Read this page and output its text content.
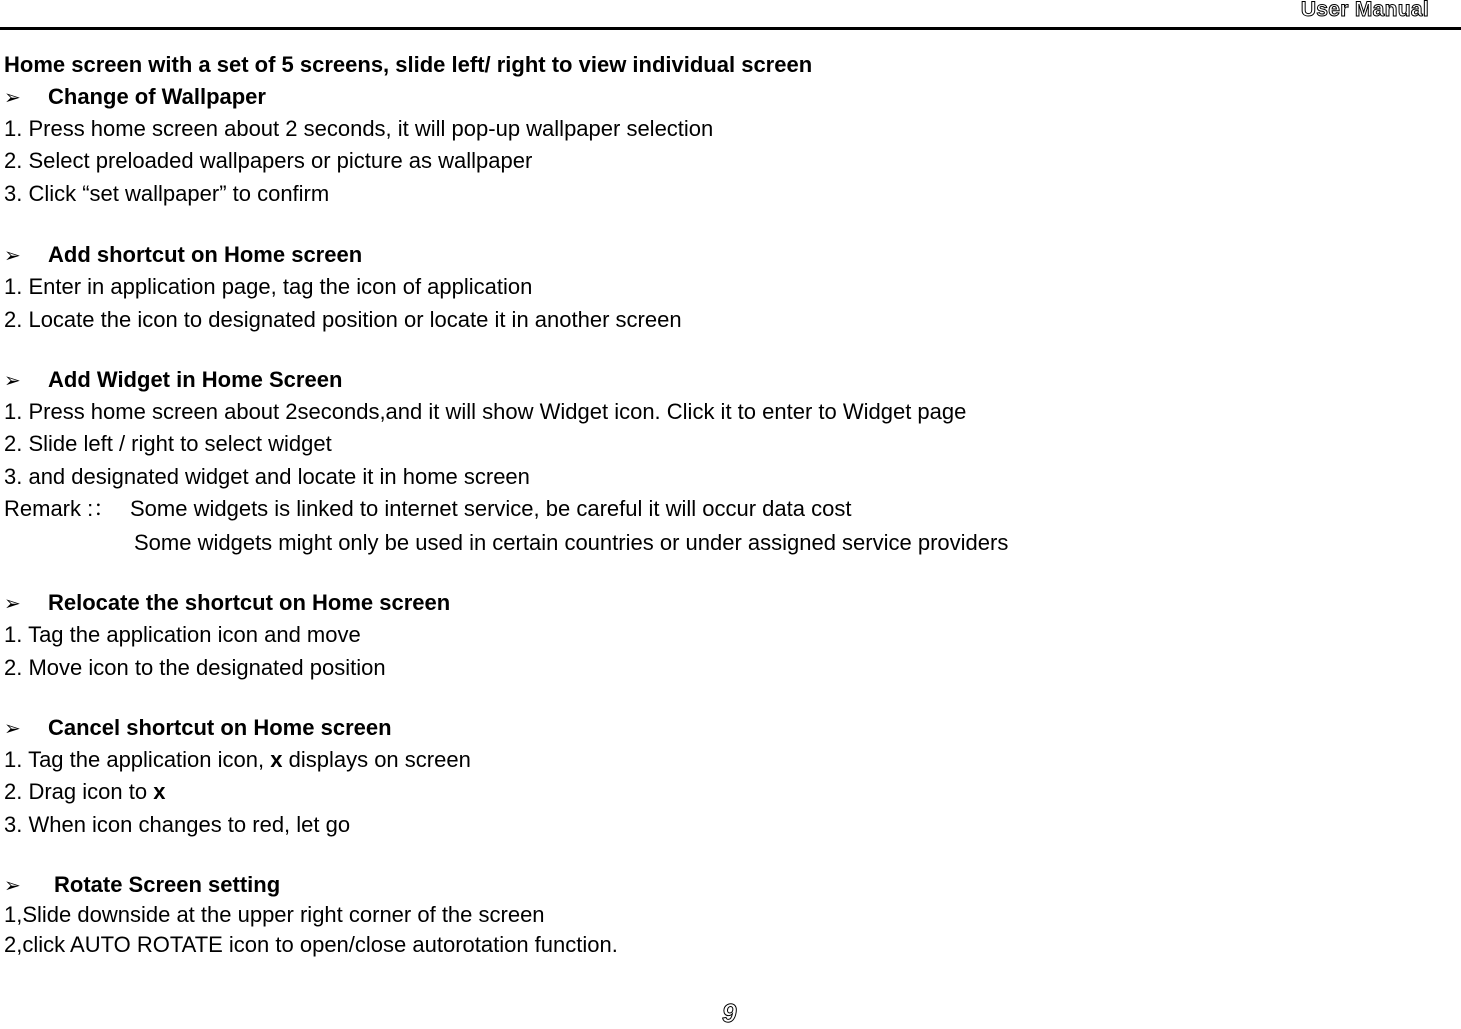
User Manual
Home screen with a set of 5 screens, slide left/ right to view individual screen
➢ Change of Wallpaper
1. Press home screen about 2 seconds, it will pop-up wallpaper selection
2. Select preloaded wallpapers or picture as wallpaper
3. Click “set wallpaper” to confirm
➢ Add shortcut on Home screen
1. Enter in application page, tag the icon of application
2. Locate the icon to designated position or locate it in another screen
➢ Add Widget in Home Screen
1. Press home screen about 2seconds,and it will show Widget icon. Click it to enter to Widget page
2. Slide left / right to select widget
3. and designated widget and locate it in home screen
Remark :： Some widgets is linked to internet service, be careful it will occur data cost
Some widgets might only be used in certain countries or under assigned service providers
➢ Relocate the shortcut on Home screen
1. Tag the application icon and move
2. Move icon to the designated position
➢ Cancel shortcut on Home screen
1. Tag the application icon, x displays on screen
2. Drag icon to x
3. When icon changes to red, let go
➢ Rotate Screen setting
1,Slide downside at the upper right corner of the screen
2,click AUTO ROTATE icon to open/close autorotation function.
9
